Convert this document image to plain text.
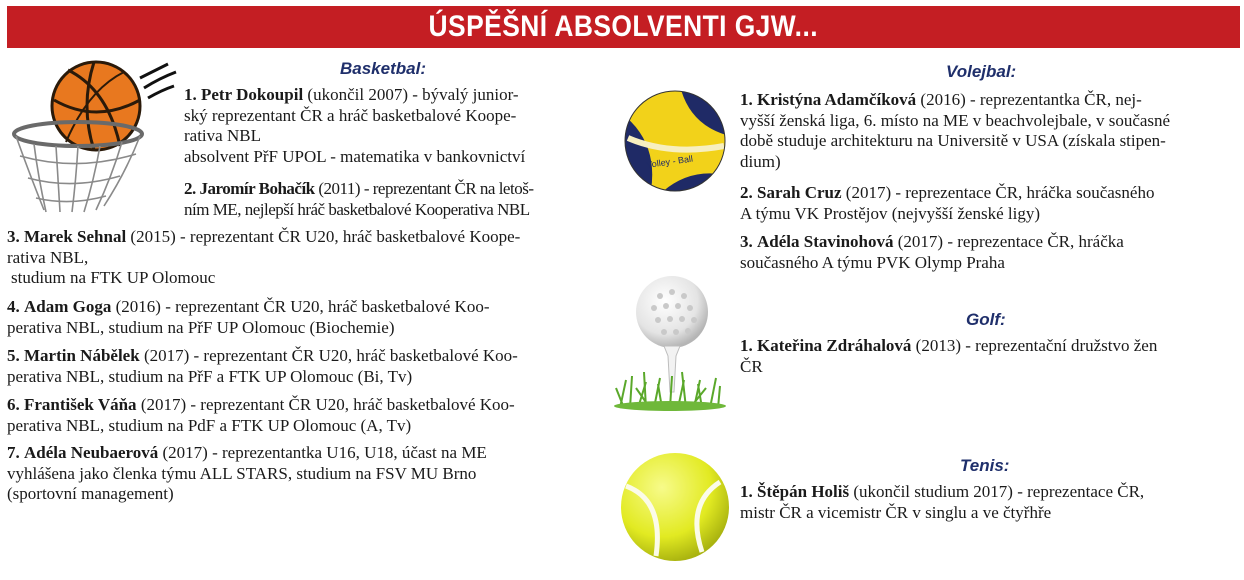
ÚSPĚŠNÍ ABSOLVENTI GJW...
Basketbal:
1. Petr Dokoupil (ukončil 2007) - bývalý junior-
ský reprezentant ČR a hráč basketbalové Koope-
rativa NBL
absolvent PřF UPOL - matematika v bankovnictví
2. Jaromír Bohačík (2011) - reprezentant ČR na letoš-
ním ME, nejlepší hráč basketbalové Kooperativa NBL
3. Marek Sehnal (2015) - reprezentant ČR U20, hráč basketbalové Koope-
rativa NBL,
studium na FTK UP Olomouc
4. Adam Goga (2016) - reprezentant ČR U20, hráč basketbalové Koo-
perativa NBL, studium na PřF UP Olomouc (Biochemie)
5. Martin Nábělek (2017) - reprezentant ČR U20, hráč basketbalové Koo-
perativa NBL, studium na PřF a FTK UP Olomouc (Bi, Tv)
6. František Váňa (2017) - reprezentant ČR U20, hráč basketbalové Koo-
perativa NBL, studium na PdF a FTK UP Olomouc (A, Tv)
7. Adéla Neubaerová (2017) - reprezentantka U16, U18, účast na ME
vyhlášena jako členka týmu ALL STARS, studium na FSV MU Brno
(sportovní management)
Volley - Ball
Volejbal:
1. Kristýna Adamčíková (2016) - reprezentantka ČR, nej-
vyšší ženská liga, 6. místo na ME v beachvolejbale, v současné
době studuje architekturu na Universitě v USA (získala stipen-
dium)
2. Sarah Cruz (2017) - reprezentace ČR, hráčka současného
A týmu VK Prostějov (nejvyšší ženské ligy)
3. Adéla Stavinohová (2017) - reprezentace ČR, hráčka
současného A týmu PVK Olymp Praha
Golf:
1. Kateřina Zdráhalová (2013) - reprezentační družstvo žen
ČR
Tenis:
1. Štěpán Holiš (ukončil studium 2017) - reprezentace ČR,
mistr ČR a vicemistr ČR v singlu a ve čtyřhře
